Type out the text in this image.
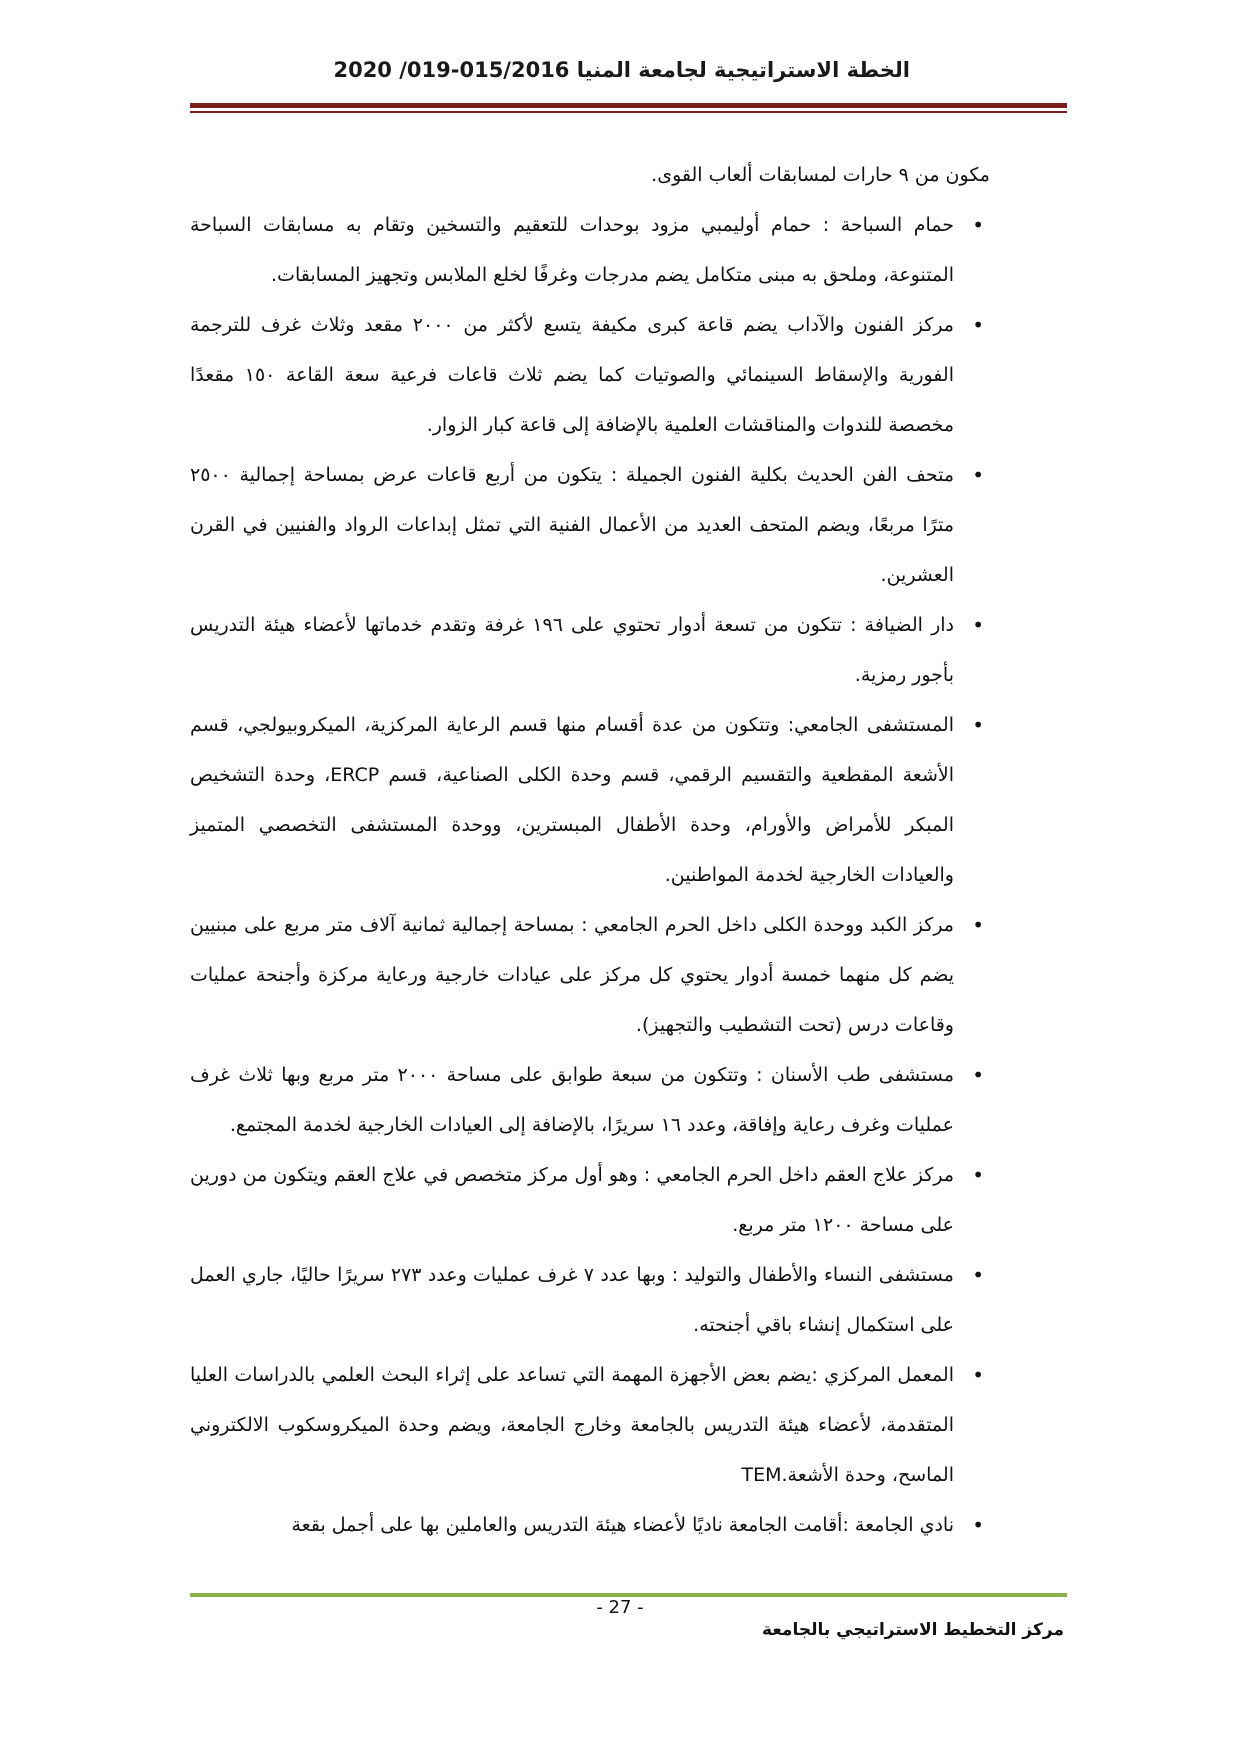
الخطة الاستراتيجية لجامعة المنيا 015/2016-019/ 2020

مكون من ٩ حارات لمسابقات ألعاب القوى.

• حمام السباحة : حمام أوليمبي مزود بوحدات للتعقيم والتسخين وتقام به مسابقات السباحة المتنوعة، وملحق به مبنى متكامل يضم مدرجات وغرفًا لخلع الملابس وتجهيز المسابقات.
• مركز الفنون والآداب يضم قاعة كبرى مكيفة يتسع لأكثر من ٢٠٠٠ مقعد وثلاث غرف للترجمة الفورية والإسقاط السينمائي والصوتيات كما يضم ثلاث قاعات فرعية سعة القاعة ١٥٠ مقعدًا مخصصة للندوات والمناقشات العلمية بالإضافة إلى قاعة كبار الزوار.
• متحف الفن الحديث بكلية الفنون الجميلة : يتكون من أربع قاعات عرض بمساحة إجمالية ٢٥٠٠ مترًا مربعًا، ويضم المتحف العديد من الأعمال الفنية التي تمثل إبداعات الرواد والفنيين في القرن العشرين.
• دار الضيافة : تتكون من تسعة أدوار تحتوي على ١٩٦ غرفة وتقدم خدماتها لأعضاء هيئة التدريس بأجور رمزية.
• المستشفى الجامعي: وتتكون من عدة أقسام منها قسم الرعاية المركزية، الميكروبيولجي، قسم الأشعة المقطعية والتقسيم الرقمي، قسم وحدة الكلى الصناعية، قسم ERCP، وحدة التشخيص المبكر للأمراض والأورام، وحدة الأطفال المبسترين، ووحدة المستشفى التخصصي المتميز والعيادات الخارجية لخدمة المواطنين.
• مركز الكبد ووحدة الكلى داخل الحرم الجامعي : بمساحة إجمالية ثمانية آلاف متر مربع على مبنيين يضم كل منهما خمسة أدوار يحتوي كل مركز على عيادات خارجية ورعاية مركزة وأجنحة عمليات وقاعات درس (تحت التشطيب والتجهيز).
• مستشفى طب الأسنان : وتتكون من سبعة طوابق على مساحة ٢٠٠٠ متر مربع وبها ثلاث غرف عمليات وغرف رعاية وإفاقة، وعدد ١٦ سريرًا، بالإضافة إلى العيادات الخارجية لخدمة المجتمع.
• مركز علاج العقم داخل الحرم الجامعي : وهو أول مركز متخصص في علاج العقم ويتكون من دورين على مساحة ١٢٠٠ متر مربع.
• مستشفى النساء والأطفال والتوليد : وبها عدد ٧ غرف عمليات وعدد ٢٧٣ سريرًا حاليًا، جاري العمل على استكمال إنشاء باقي أجنحته.
• المعمل المركزي :يضم بعض الأجهزة المهمة التي تساعد على إثراء البحث العلمي بالدراسات العليا المتقدمة، لأعضاء هيئة التدريس بالجامعة وخارج الجامعة، ويضم وحدة الميكروسكوب الالكتروني الماسح، وحدة الأشعة.TEM
• نادي الجامعة :أقامت الجامعة ناديًا لأعضاء هيئة التدريس والعاملين بها على أجمل بقعة
- 27 -
مركز التخطيط الاستراتيجي بالجامعة
